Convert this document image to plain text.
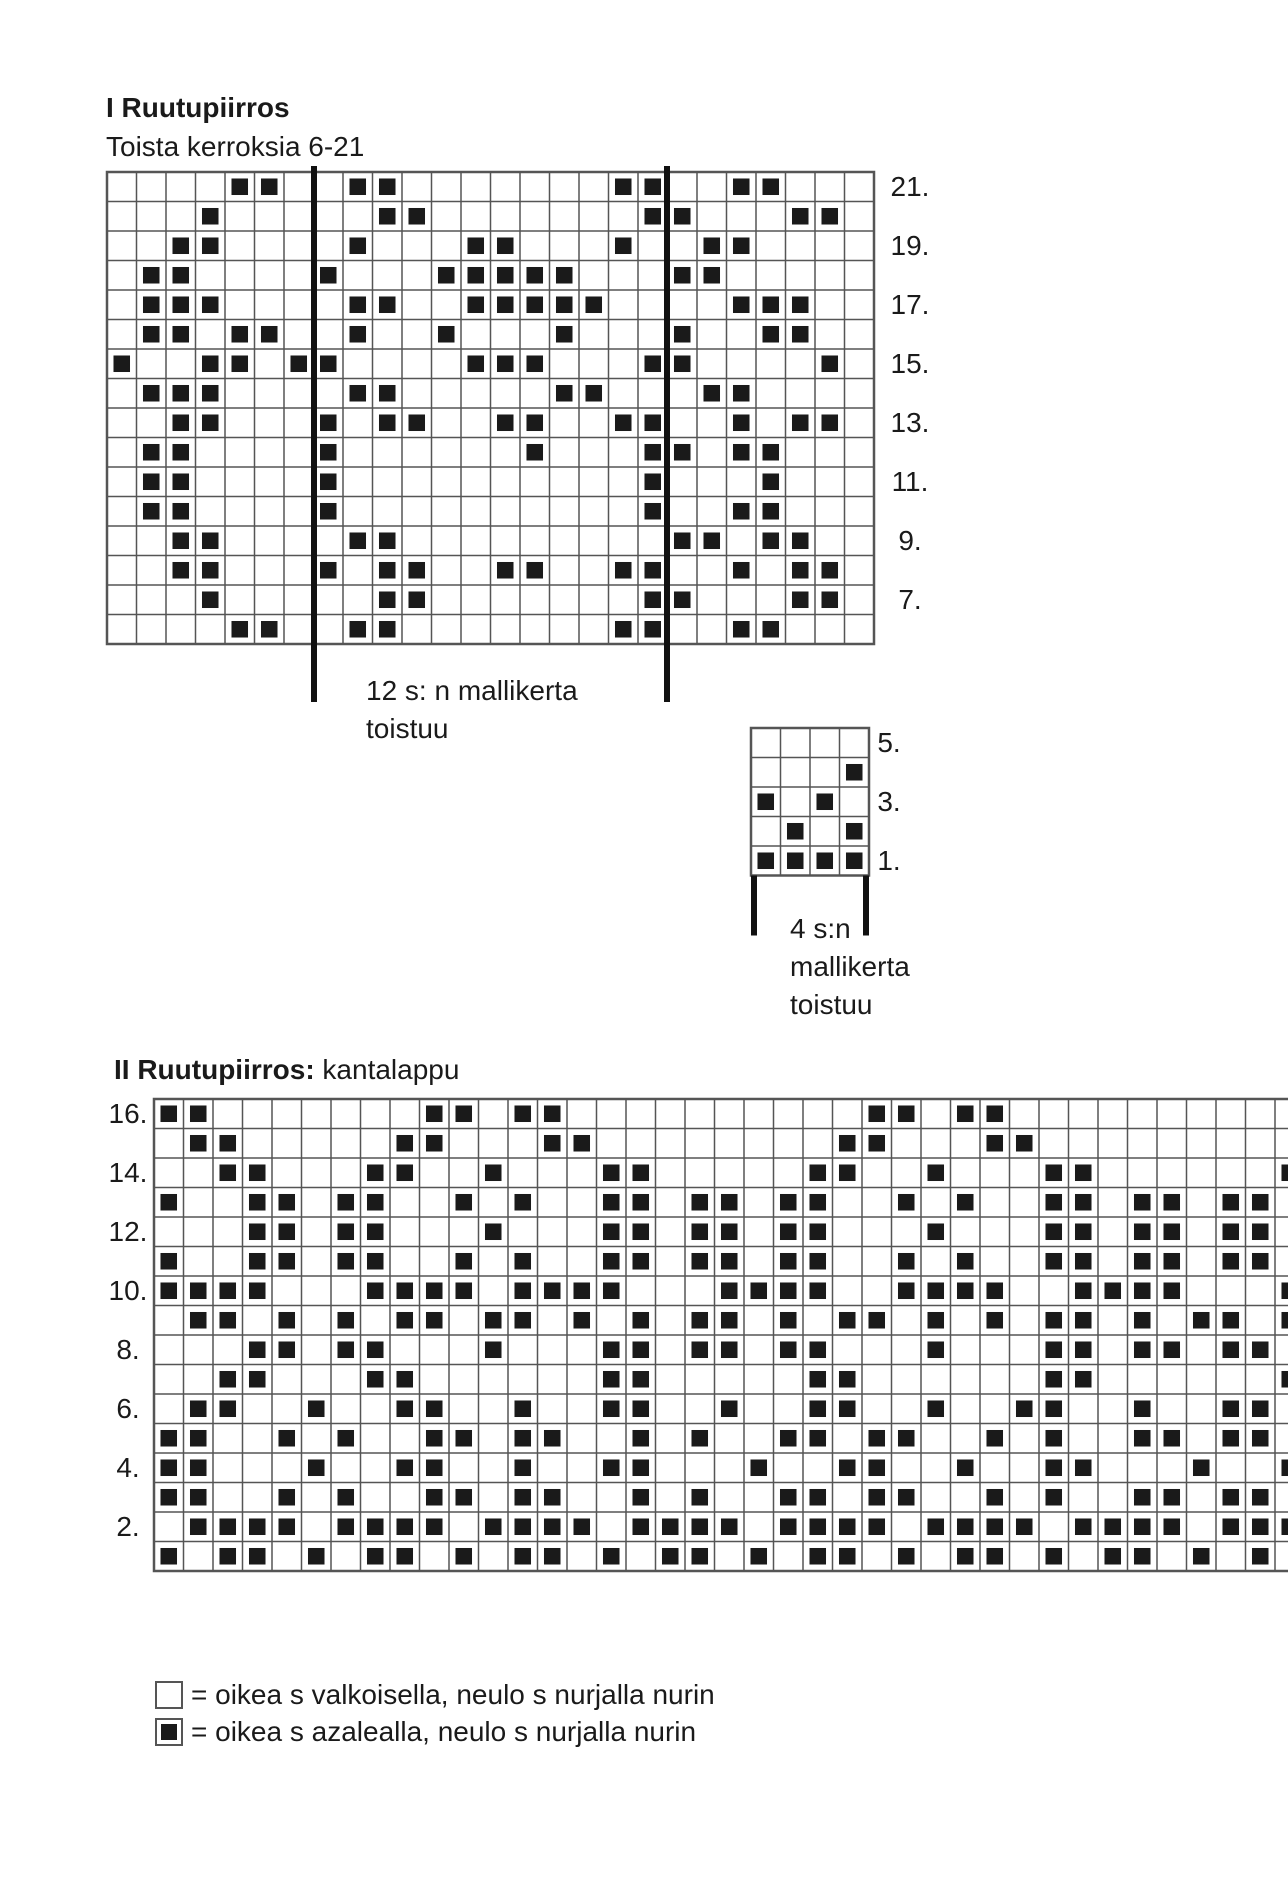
I Ruutupiirros
Toista kerroksia 6-21
21.
19.
17.
15.
13.
11.
9.
7.
5.
3.
1.
16.
14.
12.
10.
8.
6.
4.
2.
12 s: n mallikerta toistuu
4 s:n mallikerta toistuu
II Ruutupiirros: kantalappu
= oikea s valkoisella, neulo s nurjalla nurin
= oikea s azalealla, neulo s nurjalla nurin
